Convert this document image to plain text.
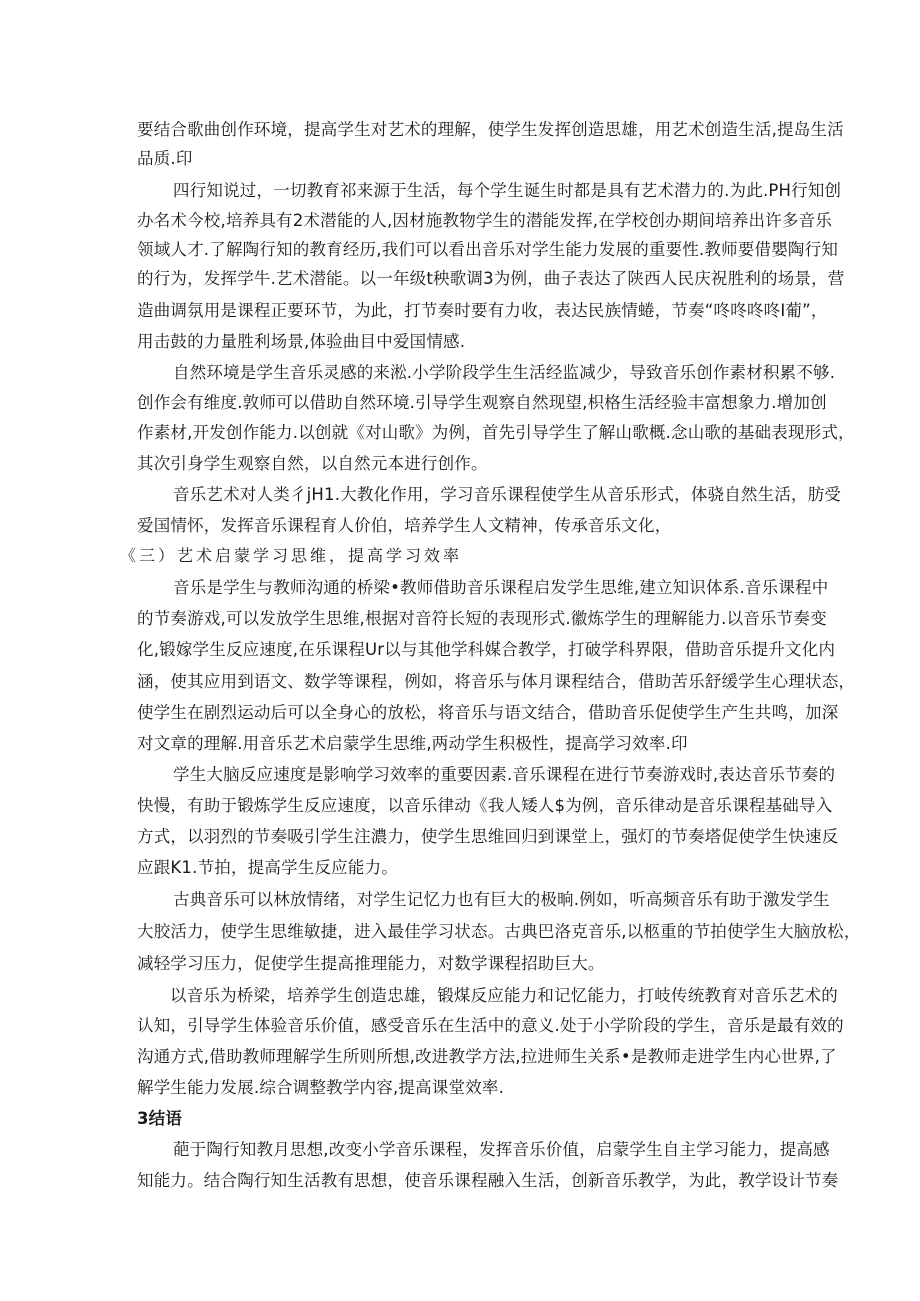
要结合歌曲创作环境，提高学生对艺术的理解，使学生发挥创造思雄，用艺术创造生活,提岛生活
品质.印
四行知说过，一切教育祁来源于生活，每个学生诞生时都是具有艺术潜力的.为此.PH行知创
办名术今校,培养具有2术潜能的人,因材施教物学生的潜能发挥,在学校创办期间培养出许多音乐
领域人才.了解陶行知的教育经历,我们可以看出音乐对学生能力发展的重要性.教师要借嬰陶行知
的行为，发挥学牛.艺术潜能。以一年级t秧歌调3为例，曲子表达了陕西人民庆祝胜利的场景，营
造曲调氛用是课程正要环节，为此，打节奏时要有力收，表达民族情蜷，节奏“咚咚咚咚I葡”，
用击鼓的力量胜利场景,体验曲目中爱国情感.
自然环境是学生音乐灵感的来淞.小学阶段学生生活经监减少，导致音乐创作素材积累不够.
创作会有维度.敦师可以借助自然环境.引导学生观察自然现望,枳格生活经验丰富想象力.增加创
作素材,开发创作能力.以创就《对山歌》为例，首先引导学生了解山歌概.念山歌的基础表现形式，
其次引身学生观察自然，以自然元本进行创作。
音乐艺术对人类彳jH1.大教化作用，学习音乐课程使学生从音乐形式，体骁自然生活，肪受
爱国情怀，发挥音乐课程育人价伯，培养学生人文精神，传承音乐文化，
《三）艺术启蒙学习思维，提高学习效率
音乐是学生与教师沟通的桥梁•教师借助音乐课程启发学生思维,建立知识体系.音乐课程中
的节奏游戏,可以发放学生思维,根据对音符长短的表现形式.徽炼学生的理解能力.以音乐节奏变
化,锻嫁学生反应速度,在乐课程Ur以与其他学科媒合教学，打破学科界限，借助音乐提升文化内
涵，使其应用到语文、数学等课程，例如，将音乐与体月课程结合，借助苦乐舒缓学生心理状态，
使学生在剧烈运动后可以全身心的放松，将音乐与语文结合，借助音乐促使学生产生共鸣，加深
对文章的理解.用音乐艺术启蒙学生思维,两动学生积极性，提高学习效率.印
学生大脑反应速度是影响学习效率的重要因素.音乐课程在进行节奏游戏时,表达音乐节奏的
快慢，有助于锻炼学生反应速度，以音乐律动《我人矮人$为例，音乐律动是音乐课程基础导入
方式，以羽烈的节奏吸引学生注濃力，使学生思维回归到课堂上，强灯的节奏塔促使学生快速反
应跟K1.节拍，提高学生反应能力。
古典音乐可以林放情绪，对学生记忆力也有巨大的极晌.例如，听高频音乐有助于激发学生
大胶活力，使学生思维敏捷，进入最佳学习状态。古典巴洛克音乐,以柩重的节拍使学生大脑放松，
减轻学习压力，促使学生提高推理能力，对数学课程招助巨大。
以音乐为桥梁，培养学生创造忠雄，锻煤反应能力和记忆能力，打岐传统教育对音乐艺术的
认知，引导学生体验音乐价值，感受音乐在生活中的意义.处于小学阶段的学生，音乐是最有效的
沟通方式,借助教师理解学生所则所想,改进教学方法,拉进师生关系•是教师走进学生内心世界,了
解学生能力发展.综合调整教学内容,提高课堂效率.
3结语
葩于陶行知教月思想,改变小学音乐课程，发挥音乐价值，启蒙学生自主学习能力，提高感
知能力。结合陶行知生活教有思想，使音乐课程融入生活，创新音乐教学，为此，教学设计节奏
